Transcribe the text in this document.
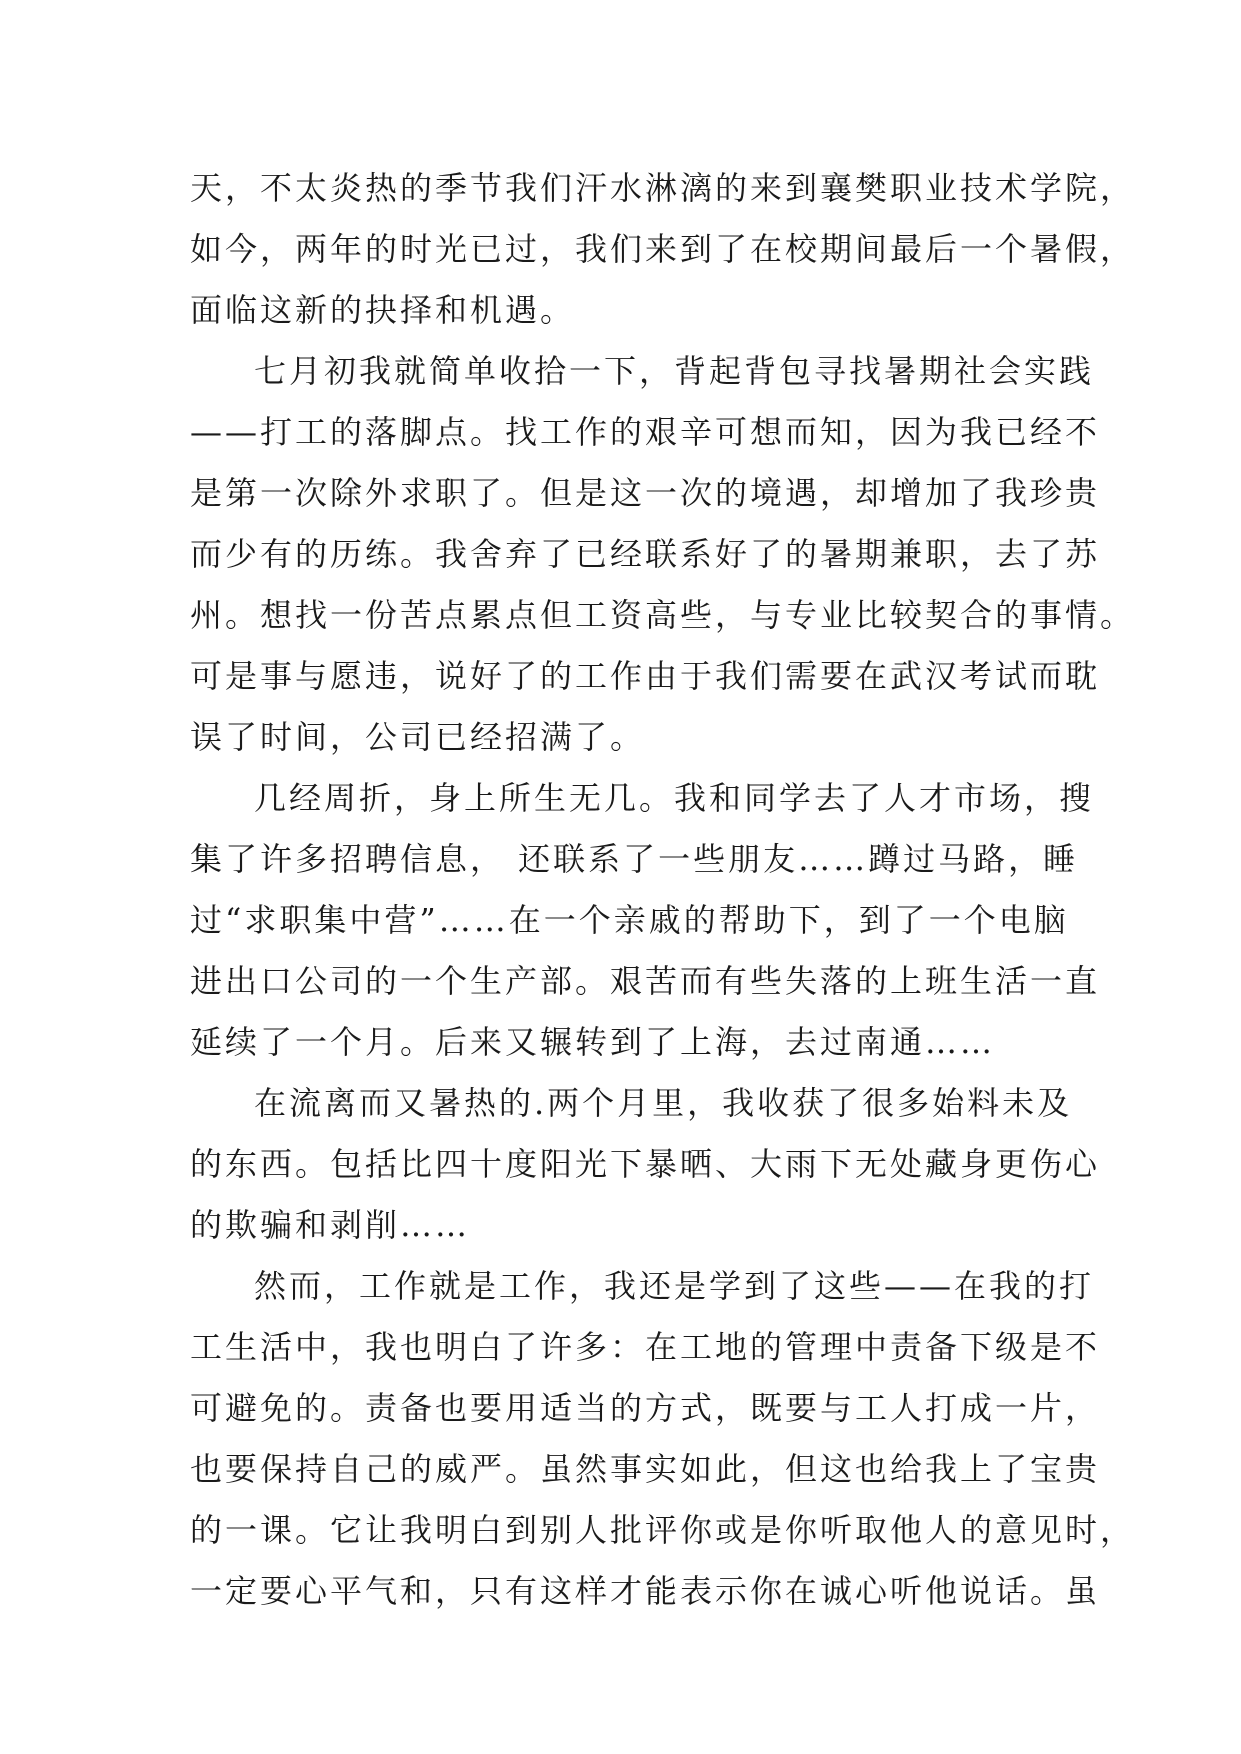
天，不太炎热的季节我们汗水淋漓的来到襄樊职业技术学院，
如今，两年的时光已过，我们来到了在校期间最后一个暑假，
面临这新的抉择和机遇。
七月初我就简单收拾一下，背起背包寻找暑期社会实践
——打工的落脚点。找工作的艰辛可想而知，因为我已经不
是第一次除外求职了。但是这一次的境遇，却增加了我珍贵
而少有的历练。我舍弃了已经联系好了的暑期兼职，去了苏
州。想找一份苦点累点但工资高些，与专业比较契合的事情。
可是事与愿违，说好了的工作由于我们需要在武汉考试而耽
误了时间，公司已经招满了。
几经周折，身上所生无几。我和同学去了人才市场，搜
集了许多招聘信息， 还联系了一些朋友……蹲过马路，睡
过“求职集中营”……在一个亲戚的帮助下，到了一个电脑
进出口公司的一个生产部。艰苦而有些失落的上班生活一直
延续了一个月。后来又辗转到了上海，去过南通……
在流离而又暑热的.两个月里，我收获了很多始料未及
的东西。包括比四十度阳光下暴晒、大雨下无处藏身更伤心
的欺骗和剥削……
然而，工作就是工作，我还是学到了这些——在我的打
工生活中，我也明白了许多：在工地的管理中责备下级是不
可避免的。责备也要用适当的方式，既要与工人打成一片，
也要保持自己的威严。虽然事实如此，但这也给我上了宝贵
的一课。它让我明白到别人批评你或是你听取他人的意见时，
一定要心平气和，只有这样才能表示你在诚心听他说话。虽
